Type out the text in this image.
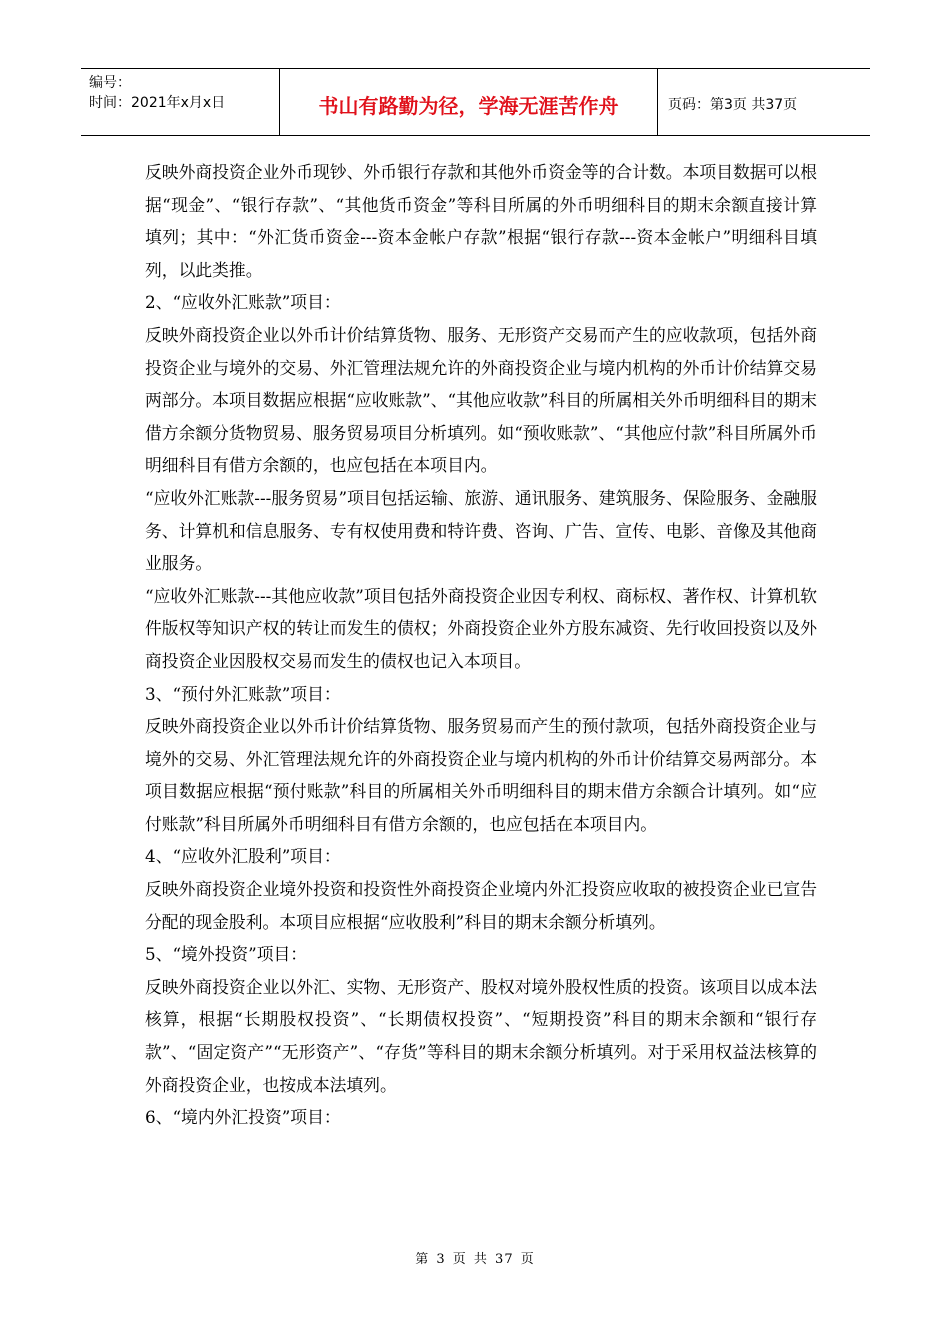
编号：
时间：2021年x月x日	书山有路勤为径，学海无涯苦作舟	页码：第3页 共37页

反映外商投资企业外币现钞、外币银行存款和其他外币资金等的合计数。本项目数据可以根据“现金”、“银行存款”、“其他货币资金”等科目所属的外币明细科目的期末余额直接计算填列；其中：“外汇货币资金---资本金帐户存款”根据“银行存款---资本金帐户”明细科目填列，以此类推。

2、“应收外汇账款”项目：

反映外商投资企业以外币计价结算货物、服务、无形资产交易而产生的应收款项，包括外商投资企业与境外的交易、外汇管理法规允许的外商投资企业与境内机构的外币计价结算交易两部分。本项目数据应根据“应收账款”、“其他应收款”科目的所属相关外币明细科目的期末借方余额分货物贸易、服务贸易项目分析填列。如“预收账款”、“其他应付款”科目所属外币明细科目有借方余额的，也应包括在本项目内。

“应收外汇账款---服务贸易”项目包括运输、旅游、通讯服务、建筑服务、保险服务、金融服务、计算机和信息服务、专有权使用费和特许费、咨询、广告、宣传、电影、音像及其他商业服务。

“应收外汇账款---其他应收款”项目包括外商投资企业因专利权、商标权、著作权、计算机软件版权等知识产权的转让而发生的债权；外商投资企业外方股东减资、先行收回投资以及外商投资企业因股权交易而发生的债权也记入本项目。

3、“预付外汇账款”项目：

反映外商投资企业以外币计价结算货物、服务贸易而产生的预付款项，包括外商投资企业与境外的交易、外汇管理法规允许的外商投资企业与境内机构的外币计价结算交易两部分。本项目数据应根据“预付账款”科目的所属相关外币明细科目的期末借方余额合计填列。如“应付账款”科目所属外币明细科目有借方余额的，也应包括在本项目内。

4、“应收外汇股利”项目：

反映外商投资企业境外投资和投资性外商投资企业境内外汇投资应收取的被投资企业已宣告分配的现金股利。本项目应根据“应收股利”科目的期末余额分析填列。

5、“境外投资”项目：

反映外商投资企业以外汇、实物、无形资产、股权对境外股权性质的投资。该项目以成本法核算，根据“长期股权投资”、“长期债权投资”、“短期投资”科目的期末余额和“银行存款”、“固定资产”“无形资产”、“存货”等科目的期末余额分析填列。对于采用权益法核算的外商投资企业，也按成本法填列。

6、“境内外汇投资”项目：

第 3 页 共 37 页
